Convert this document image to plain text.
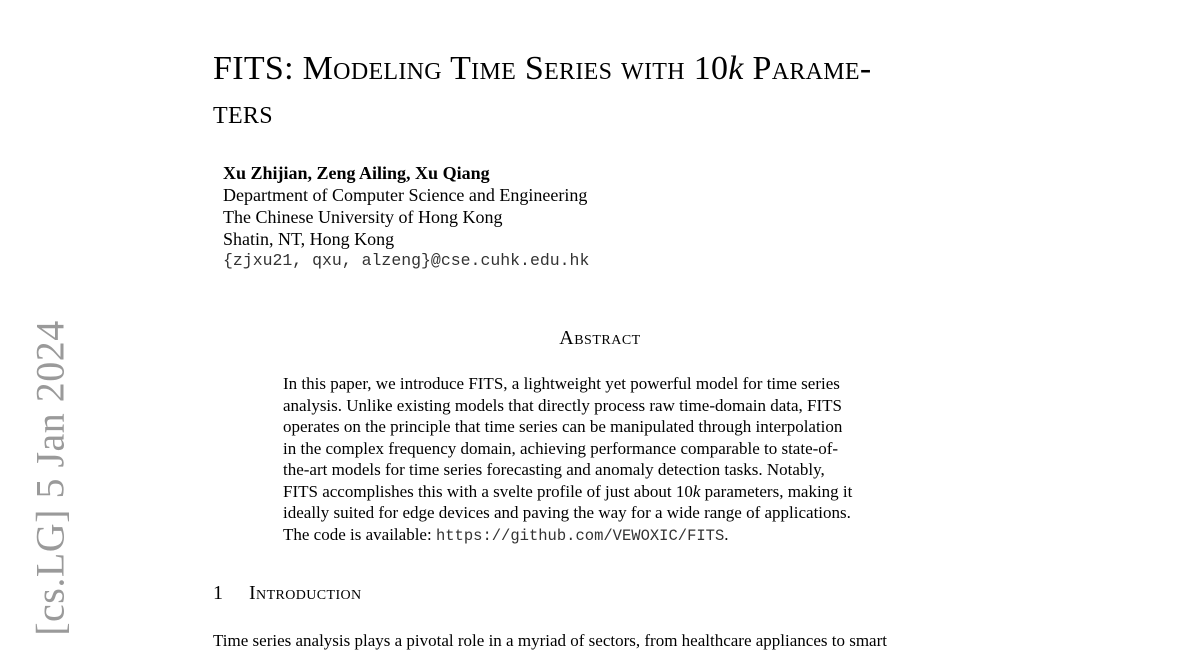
[cs.LG] 5 Jan 2024
FITS: Modeling Time Series with 10k Parame-
ters
Xu Zhijian, Zeng Ailing, Xu Qiang
Department of Computer Science and Engineering
The Chinese University of Hong Kong
Shatin, NT, Hong Kong
{zjxu21, qxu, alzeng}@cse.cuhk.edu.hk
Abstract
In this paper, we introduce FITS, a lightweight yet powerful model for time series
analysis. Unlike existing models that directly process raw time-domain data, FITS
operates on the principle that time series can be manipulated through interpolation
in the complex frequency domain, achieving performance comparable to state-of-
the-art models for time series forecasting and anomaly detection tasks. Notably,
FITS accomplishes this with a svelte profile of just about 10k parameters, making it
ideally suited for edge devices and paving the way for a wide range of applications.
The code is available: https://github.com/VEWOXIC/FITS.
1 Introduction
Time series analysis plays a pivotal role in a myriad of sectors, from healthcare appliances to smart
